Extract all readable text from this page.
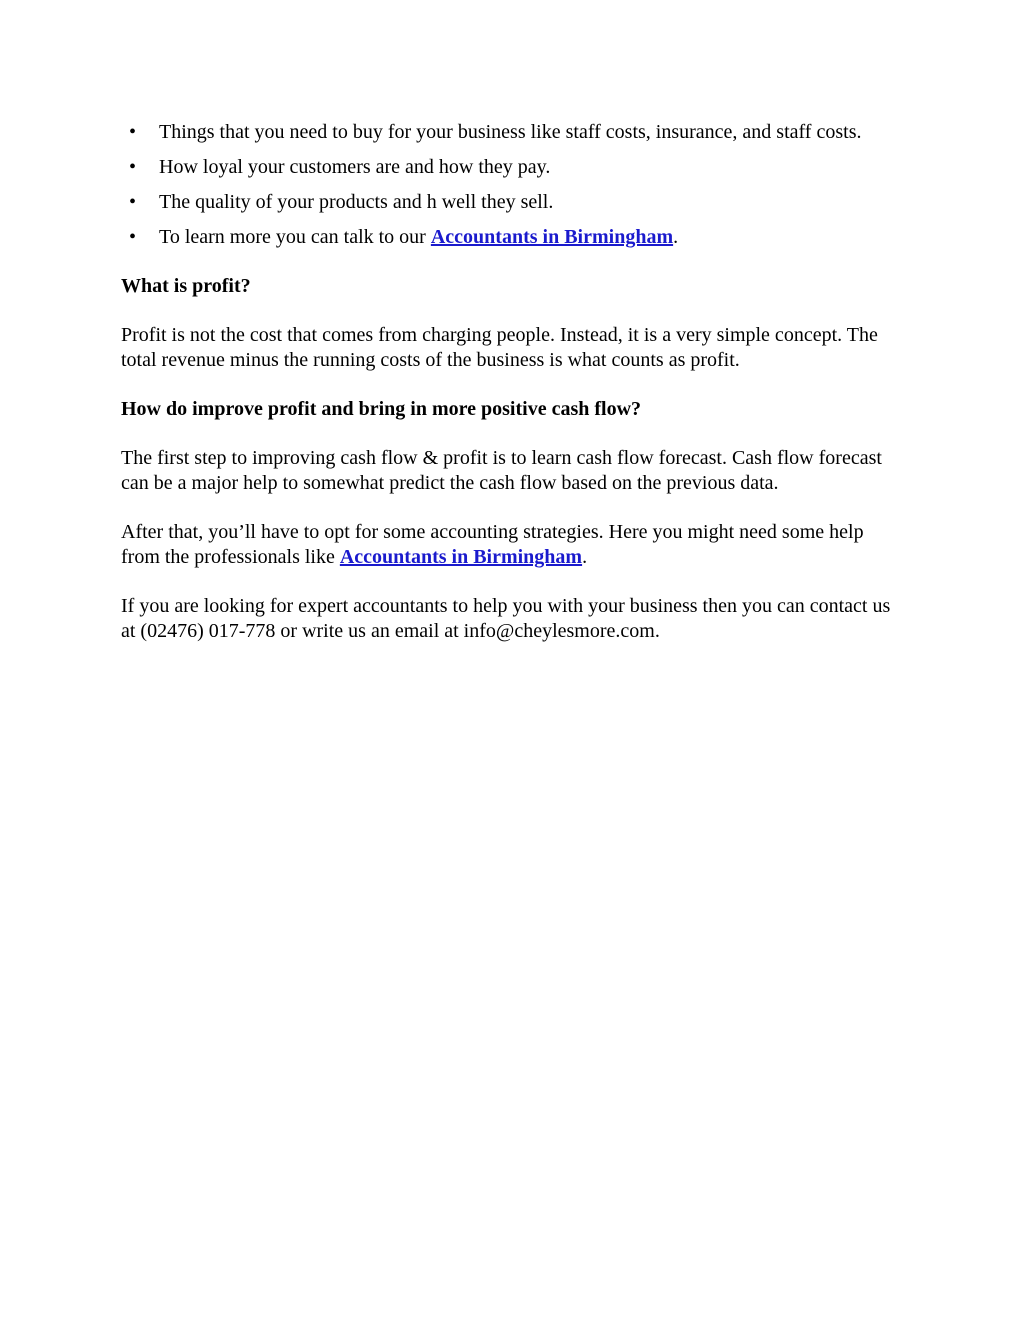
• Things that you need to buy for your business like staff costs, insurance, and staff costs.
• How loyal your customers are and how they pay.
• The quality of your products and h well they sell.
• To learn more you can talk to our Accountants in Birmingham.

What is profit?

Profit is not the cost that comes from charging people. Instead, it is a very simple concept. The total revenue minus the running costs of the business is what counts as profit.

How do improve profit and bring in more positive cash flow?

The first step to improving cash flow & profit is to learn cash flow forecast. Cash flow forecast can be a major help to somewhat predict the cash flow based on the previous data.

After that, you’ll have to opt for some accounting strategies. Here you might need some help from the professionals like Accountants in Birmingham.

If you are looking for expert accountants to help you with your business then you can contact us at (02476) 017-778 or write us an email at info@cheylesmore.com.
